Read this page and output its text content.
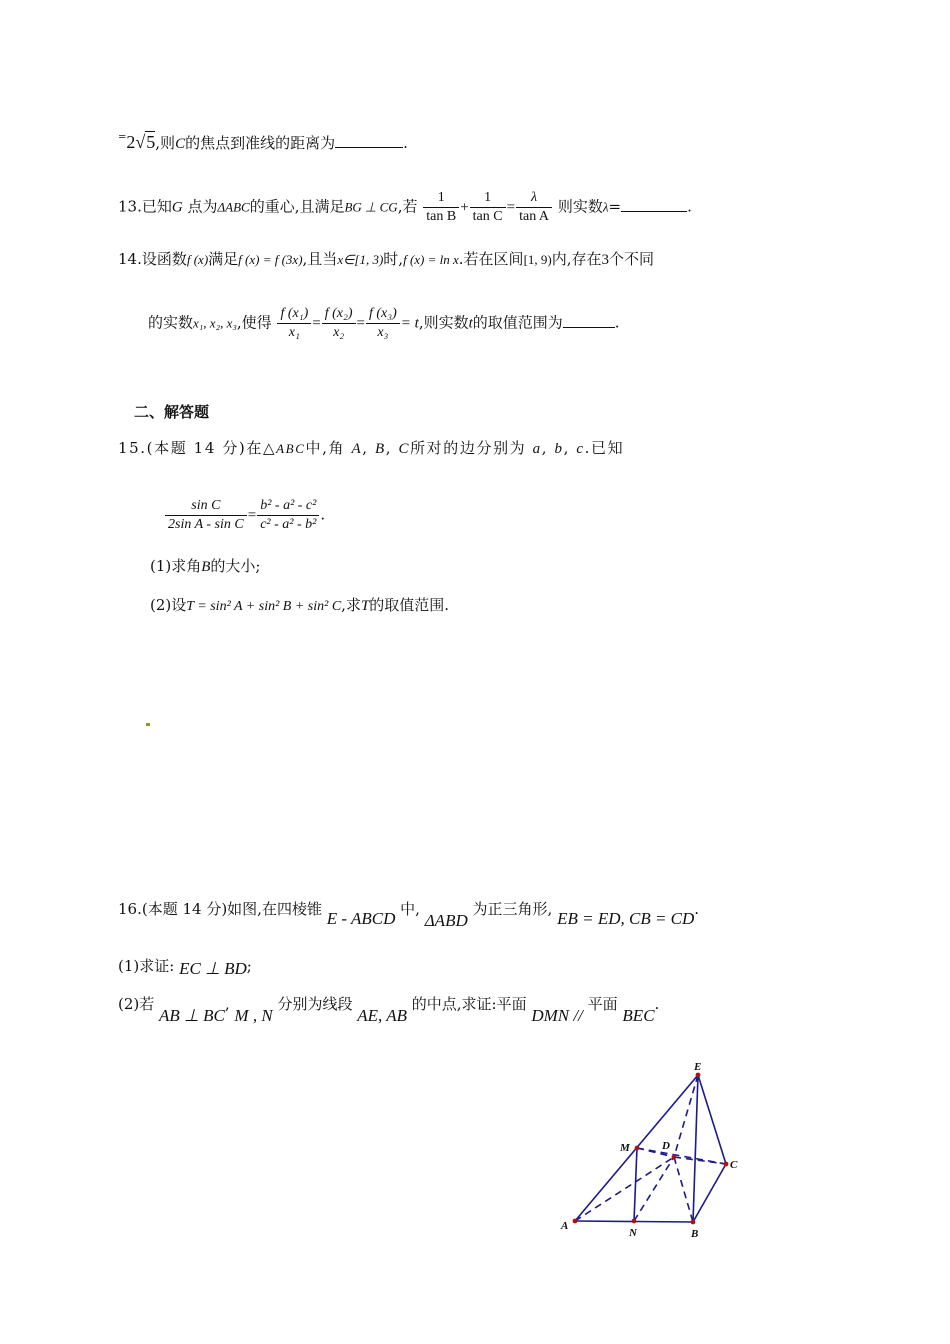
=2√5,则C的焦点到准线的距离为	.
13.已知G 点为ΔABC的重心,且满足BG ⊥ CG,若 $\frac{1}{\text{tan B}} + \frac{1}{\text{tan C}} = \frac{\lambda}{\text{tan A}}$ 则实数λ=	.
14.设函数f (x)满足f (x) = f (3x),且当x∈[1, 3)时,f (x) = ln x.若在区间[1, 9)内,存在3个不同
的实数x₁, x₂, x₃,使得 $\frac{\text{f (x₁)}}{\text{x₁}} = \frac{\text{f (x₂)}}{\text{x₂}} = \frac{\text{f (x₃)}}{\text{x₃}} = t$,则实数t的取值范围为	.
二、解答题
15.(本题 14 分)在△ABC中,角 A, B, C所对的边分别为 a, b, c.已知
$\frac{\text{sin C}}{\text{2sin A - sin C}} = \frac{\text{b² - a² - c²}}{\text{c² - a² - b²}}$ .
(1)求角B的大小;
(2)设T = sin² A + sin² B + sin² C,求T的取值范围.
16.(本题 14 分)如图,在四棱锥 E - ABCD 中, ΔABD 为正三角形, EB = ED, CB = CD.
(1)求证: EC ⊥ BD;
(2)若 AB ⊥ BC, M , N 分别为线段 AE, AB 的中点,求证:平面 DMN // 平面 BEC.
E
M	D
C
A
N	B
